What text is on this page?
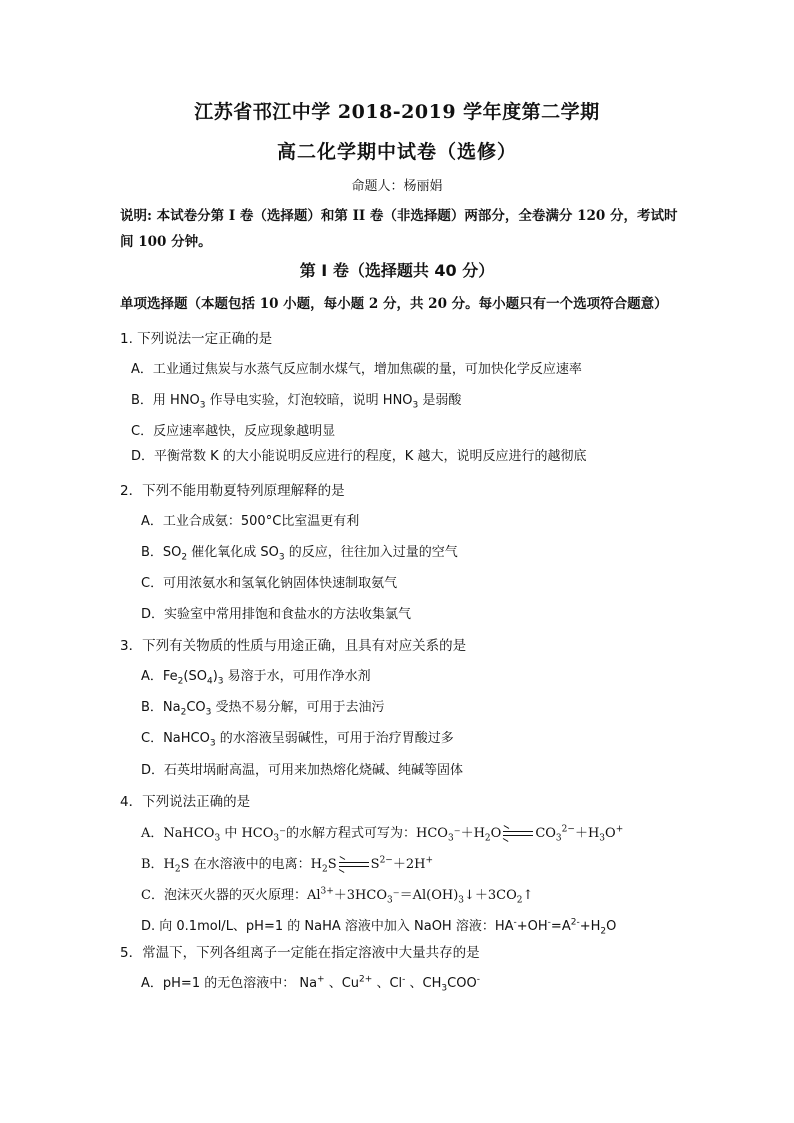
江苏省邗江中学 2018-2019 学年度第二学期
高二化学期中试卷（选修）
命题人：杨丽娟
说明: 本试卷分第 I 卷（选择题）和第 II 卷（非选择题）两部分，全卷满分 120 分，考试时
间 100 分钟。
第 I 卷（选择题共 40 分）
单项选择题（本题包括 10 小题，每小题 2 分，共 20 分。每小题只有一个选项符合题意）
1. 下列说法一定正确的是
A．工业通过焦炭与水蒸气反应制水煤气，增加焦碳的量，可加快化学反应速率
B．用 $HNO_3$ 作导电实验，灯泡较暗，说明 $HNO_3$ 是弱酸
C．反应速率越快，反应现象越明显
D．平衡常数 K 的大小能说明反应进行的程度，K 越大，说明反应进行的越彻底
2．下列不能用勒夏特列原理解释的是
A．工业合成氨：500°C比室温更有利
B．$SO_2$ 催化氧化成 $SO_3$ 的反应，往往加入过量的空气
C．可用浓氨水和氢氧化钠固体快速制取氨气
D．实验室中常用排饱和食盐水的方法收集氯气
3．下列有关物质的性质与用途正确，且具有对应关系的是
A．$Fe_2(SO_4)_3$ 易溶于水，可用作净水剂
B．$Na_2CO_3$ 受热不易分解，可用于去油污
C．NaHCO$_3$ 的水溶液呈弱碱性，可用于治疗胃酸过多
D．石英坩埚耐高温，可用来加热熔化烧碱、纯碱等固体
4．下列说法正确的是
A．NaHCO$_3$ 中 $HCO_3^-$的水解方程式可写为：$HCO_3^-+H_2O$	$CO_3^{2-}+H_3O^+$
B．$H_2S$ 在水溶液中的电离：$H_2S$	$S^{2-}+2H^+$
C．泡沫灭火器的灭火原理：$Al^{3+}+3HCO_3^-=Al(OH)_3↓+3CO_2↑$
D. 向 0.1mol/L、pH=1 的 NaHA 溶液中加入 NaOH 溶液：$HA^-+OH^-=A^{2-}+H_2O$
5．常温下，下列各组离子一定能在指定溶液中大量共存的是
A．pH=1 的无色溶液中： Na+ 、$Cu^{2+}$ 、Cl- 、$CH_3COO^-$
